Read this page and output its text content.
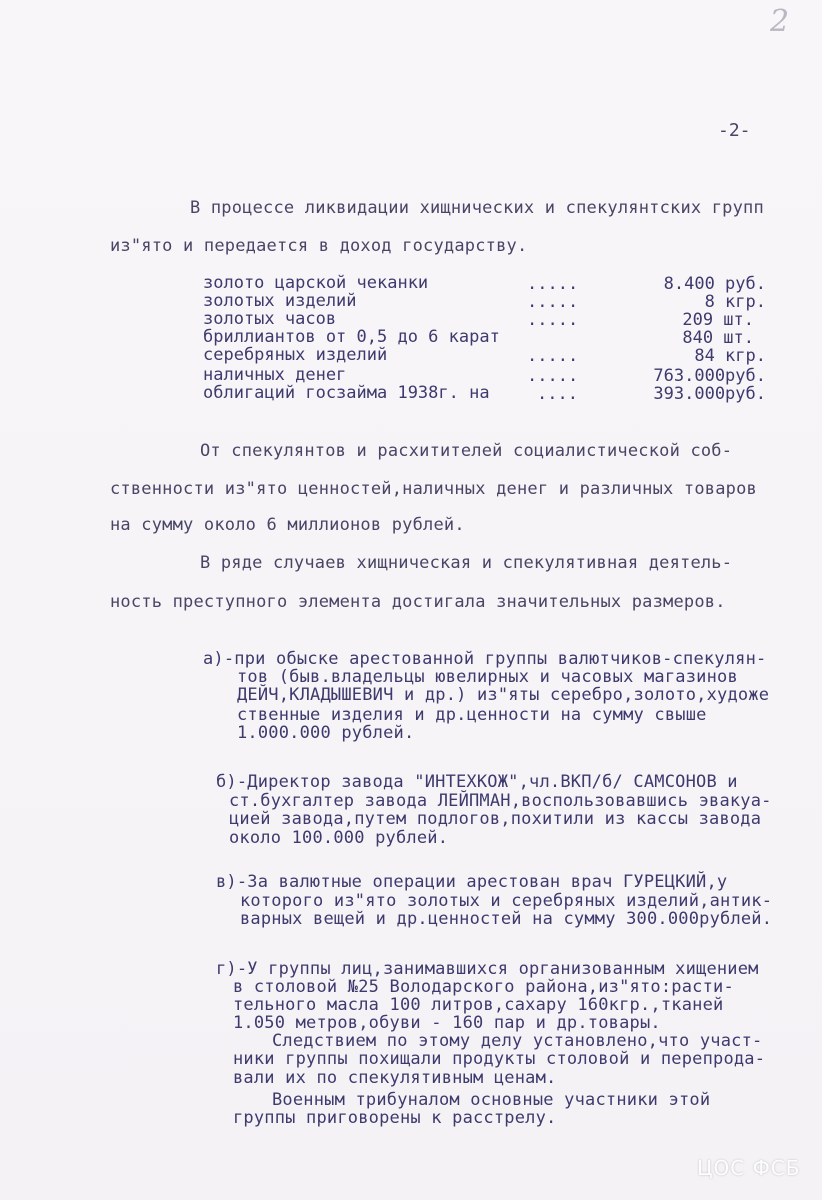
2
-2-
В процессе ликвидации хищнических и спекулянтских групп
из"ято и передается в доход государству.
золото царской чеканки	.....	8.400 руб.
золотых изделий	.....	8 кгр.
золотых часов	.....	209 шт.
бриллиантов от 0,5 до 6 карат	840 шт.
серебряных изделий	.....	84 кгр.
наличных денег	.....	763.000руб.
облигаций госзайма 1938г. на	....	393.000руб.
От спекулянтов и расхитителей социалистической соб-
ственности из"ято ценностей,наличных денег и различных товаров
на сумму около 6 миллионов рублей.
В ряде случаев хищническая и спекулятивная деятель-
ность преступного элемента достигала значительных размеров.
а)-при обыске арестованной группы валютчиков-спекулян-
тов (быв.владельцы ювелирных и часовых магазинов
ДЕЙЧ,КЛАДЫШЕВИЧ и др.) из"яты серебро,золото,художе
ственные изделия и др.ценности на сумму свыше
1.000.000 рублей.
б)-Директор завода "ИНТЕХКОЖ",чл.ВКП/б/ САМСОНОВ и
ст.бухгалтер завода ЛЕЙПМАН,воспользовавшись эвакуа-
цией завода,путем подлогов,похитили из кассы завода
около 100.000 рублей.
в)-За валютные операции арестован врач ГУРЕЦКИЙ,у
которого из"ято золотых и серебряных изделий,антик-
варных вещей и др.ценностей на сумму 300.000рублей.
г)-У группы лиц,занимавшихся организованным хищением
в столовой №25 Володарского района,из"ято:расти-
тельного масла 100 литров,сахару 160кгр.,тканей
1.050 метров,обуви - 160 пар и др.товары.
Следствием по этому делу установлено,что участ-
ники группы похищали продукты столовой и перепрода-
вали их по спекулятивным ценам.
Военным трибуналом основные участники этой
группы приговорены к расстрелу.
ЦОС ФСБ
